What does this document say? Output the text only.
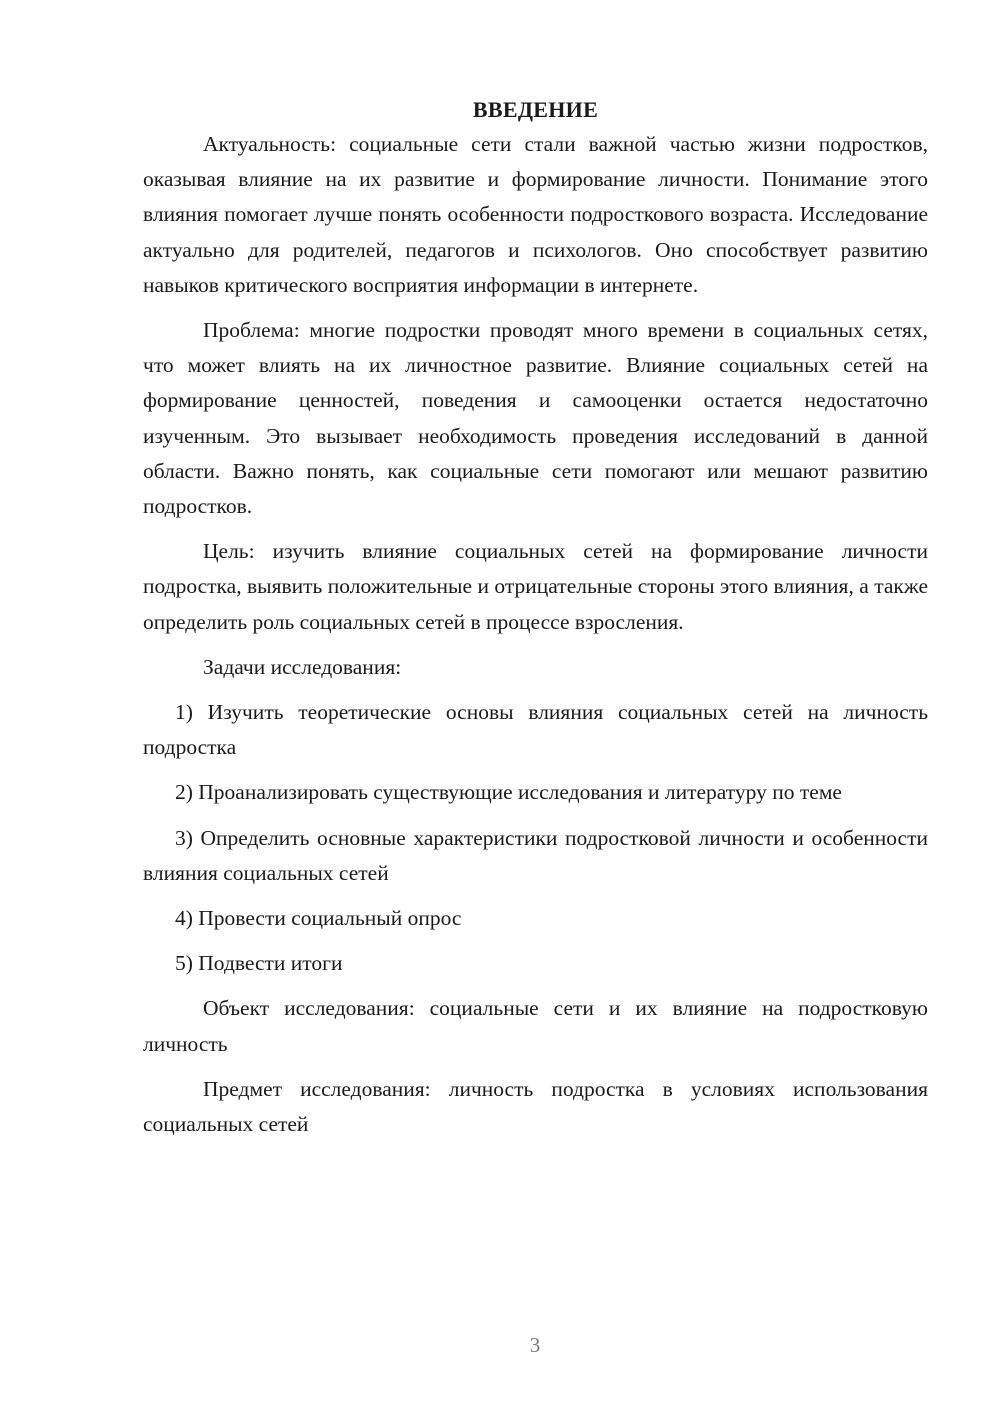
ВВЕДЕНИЕ

Актуальность: социальные сети стали важной частью жизни подростков, оказывая влияние на их развитие и формирование личности. Понимание этого влияния помогает лучше понять особенности подросткового возраста. Исследование актуально для родителей, педагогов и психологов. Оно способствует развитию навыков критического восприятия информации в интернете.

Проблема: многие подростки проводят много времени в социальных сетях, что может влиять на их личностное развитие. Влияние социальных сетей на формирование ценностей, поведения и самооценки остается недостаточно изученным. Это вызывает необходимость проведения исследований в данной области. Важно понять, как социальные сети помогают или мешают развитию подростков.

Цель: изучить влияние социальных сетей на формирование личности подростка, выявить положительные и отрицательные стороны этого влияния, а также определить роль социальных сетей в процессе взросления.

Задачи исследования:

1) Изучить теоретические основы влияния социальных сетей на личность подростка

2) Проанализировать существующие исследования и литературу по теме

3) Определить основные характеристики подростковой личности и особенности влияния социальных сетей

4) Провести социальный опрос

5) Подвести итоги

Объект исследования: социальные сети и их влияние на подростковую личность

Предмет исследования: личность подростка в условиях использования социальных сетей

3
